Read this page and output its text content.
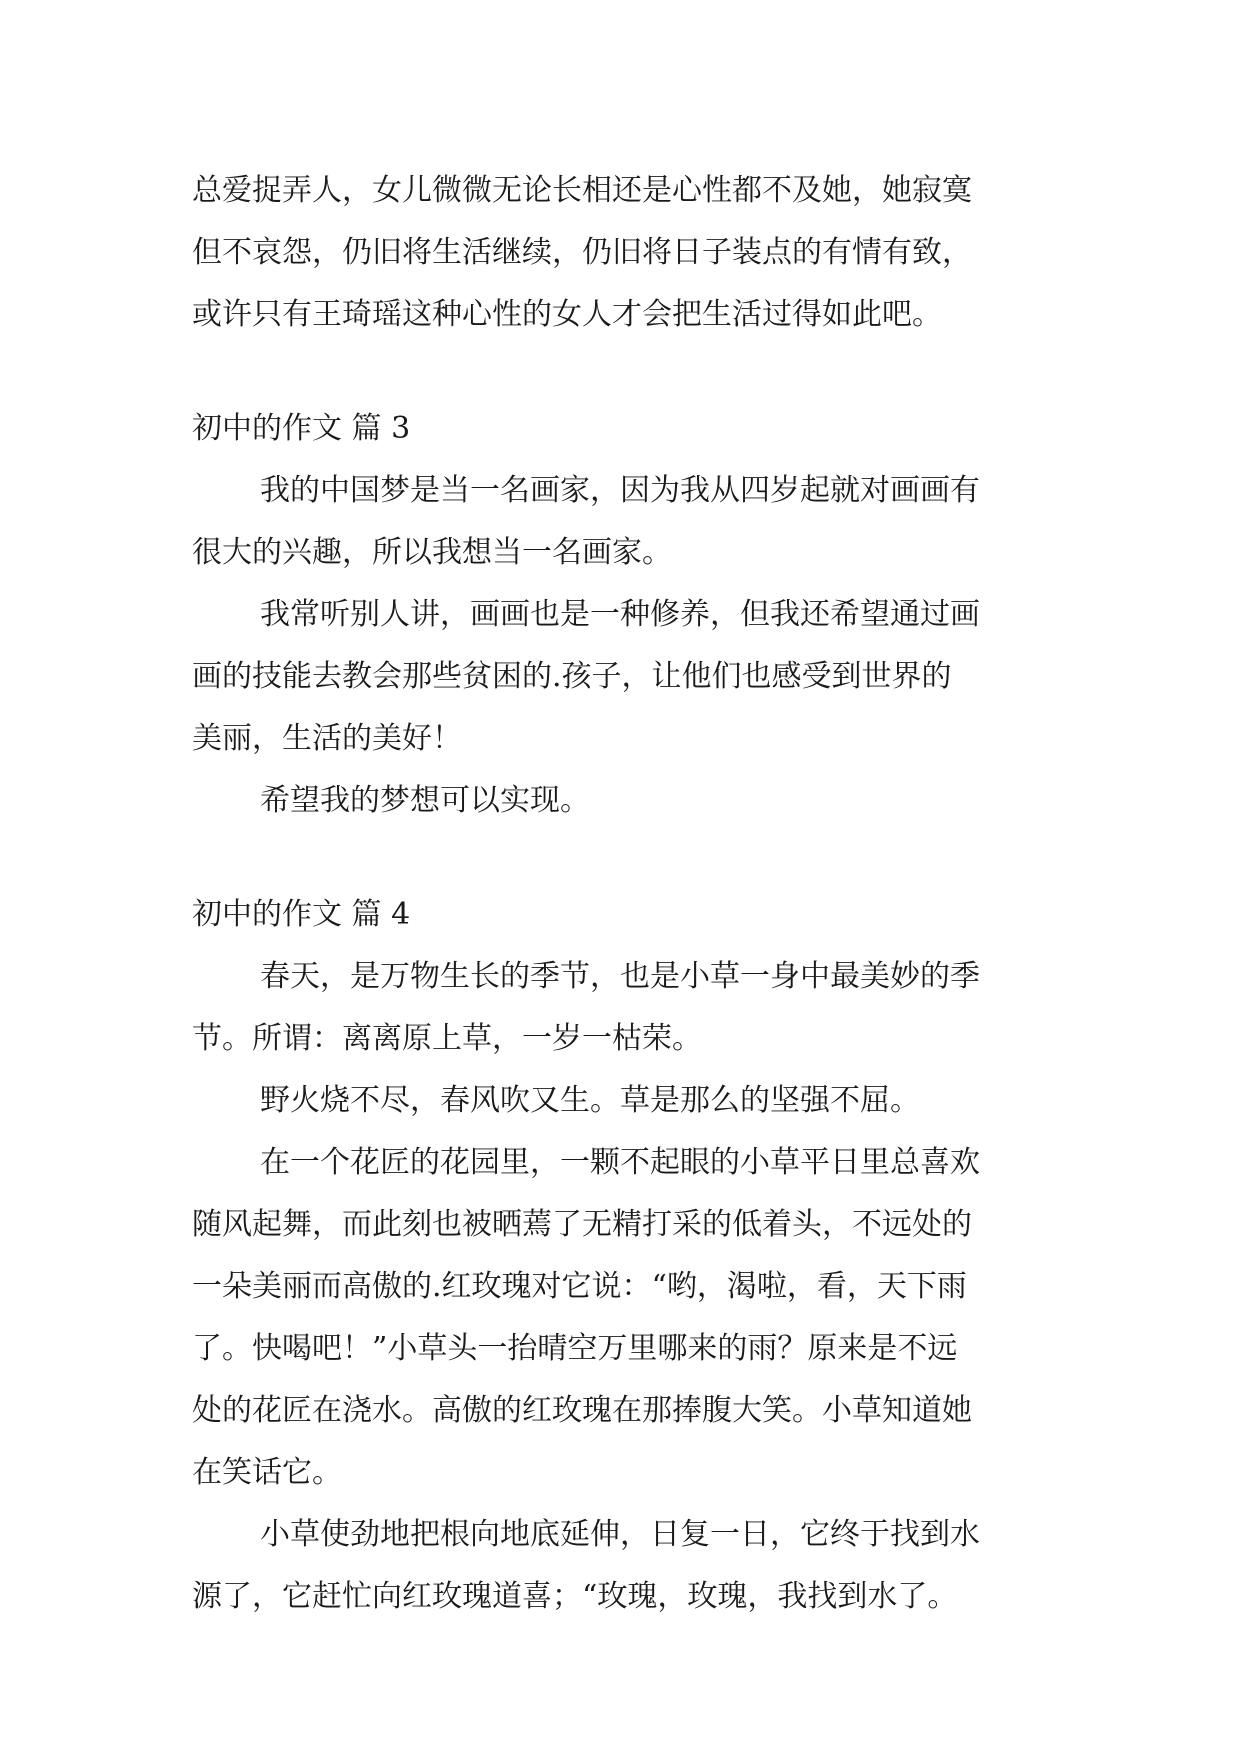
总爱捉弄人，女儿微微无论长相还是心性都不及她，她寂寞
但不哀怨，仍旧将生活继续，仍旧将日子装点的有情有致，
或许只有王琦瑶这种心性的女人才会把生活过得如此吧。
初中的作文 篇 3
我的中国梦是当一名画家，因为我从四岁起就对画画有
很大的兴趣，所以我想当一名画家。
我常听别人讲，画画也是一种修养，但我还希望通过画
画的技能去教会那些贫困的.孩子，让他们也感受到世界的
美丽，生活的美好！
希望我的梦想可以实现。
初中的作文 篇 4
春天，是万物生长的季节，也是小草一身中最美妙的季
节。所谓：离离原上草，一岁一枯荣。
野火烧不尽，春风吹又生。草是那么的坚强不屈。
在一个花匠的花园里，一颗不起眼的小草平日里总喜欢
随风起舞，而此刻也被晒蔫了无精打采的低着头，不远处的
一朵美丽而高傲的.红玫瑰对它说：“哟，渴啦，看，天下雨
了。快喝吧！”小草头一抬晴空万里哪来的雨？原来是不远
处的花匠在浇水。高傲的红玫瑰在那捧腹大笑。小草知道她
在笑话它。
小草使劲地把根向地底延伸，日复一日，它终于找到水
源了，它赶忙向红玫瑰道喜；“玫瑰，玫瑰，我找到水了。
